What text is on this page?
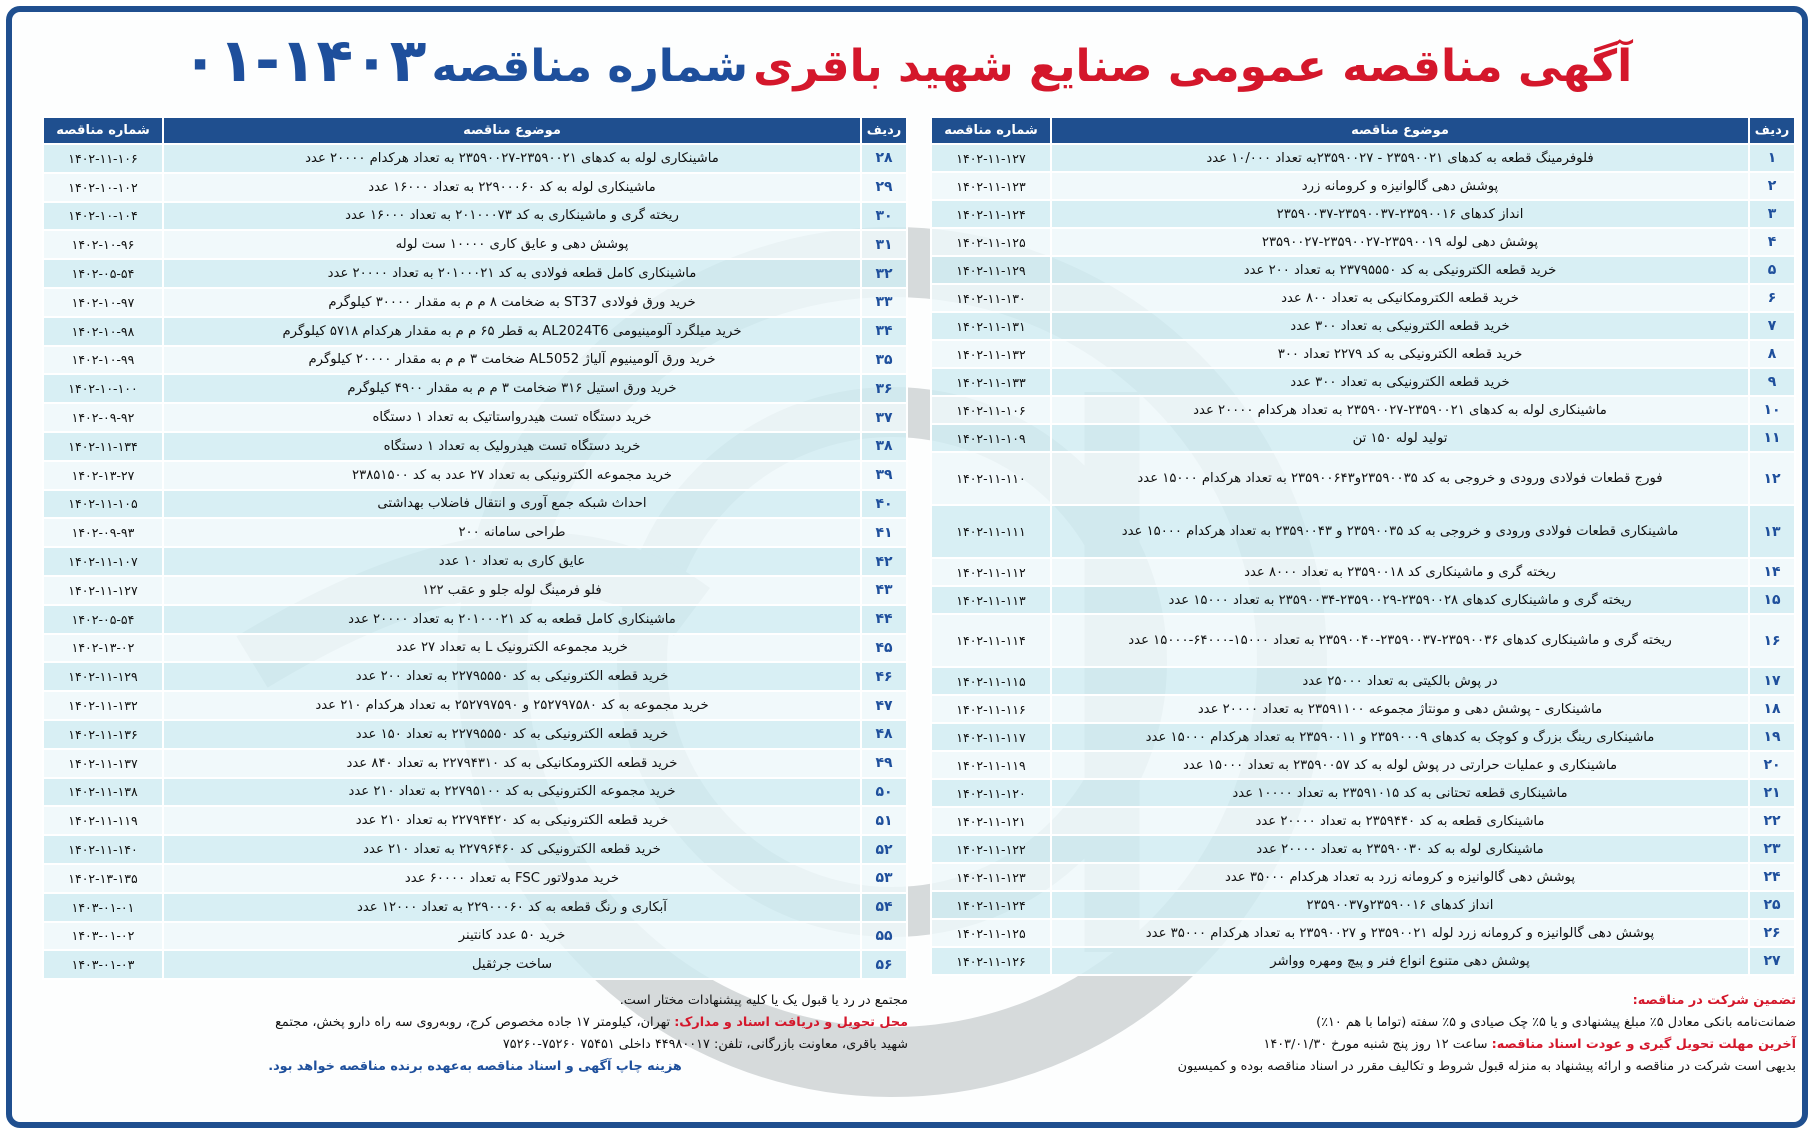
آگهی مناقصه عمومی صنایع شهید باقری شماره مناقصه ۱۴۰۳-۰۱
ردیف	موضوع مناقصه	شماره مناقصه
۱	فلوفرمینگ قطعه به کدهای ۲۳۵۹۰۰۲۱ - ۲۳۵۹۰۰۲۷به تعداد ۱۰/۰۰۰ عدد	۱۴۰۲-۱۱-۱۲۷
۲	پوشش دهی گالوانیزه و کرومانه زرد	۱۴۰۲-۱۱-۱۲۳
۳	انداز کدهای ۲۳۵۹۰۰۱۶-۲۳۵۹۰۰۳۷-۲۳۵۹۰۰۳۷	۱۴۰۲-۱۱-۱۲۴
۴	پوشش دهی لوله ۲۳۵۹۰۰۱۹-۲۳۵۹۰۰۲۷-۲۳۵۹۰۰۲۷	۱۴۰۲-۱۱-۱۲۵
۵	خرید قطعه الکترونیکی به کد ۲۳۷۹۵۵۵۰ به تعداد ۲۰۰ عدد	۱۴۰۲-۱۱-۱۲۹
۶	خرید قطعه الکترومکانیکی به تعداد ۸۰۰ عدد	۱۴۰۲-۱۱-۱۳۰
۷	خرید قطعه الکترونیکی به تعداد ۳۰۰ عدد	۱۴۰۲-۱۱-۱۳۱
۸	خرید قطعه الکترونیکی به کد ۲۲۷۹ تعداد ۳۰۰	۱۴۰۲-۱۱-۱۳۲
۹	خرید قطعه الکترونیکی به تعداد ۳۰۰ عدد	۱۴۰۲-۱۱-۱۳۳
۱۰	ماشینکاری لوله به کدهای ۲۳۵۹۰۰۲۱-۲۳۵۹۰۰۲۷ به تعداد هرکدام ۲۰۰۰۰ عدد	۱۴۰۲-۱۱-۱۰۶
۱۱	تولید لوله ۱۵۰ تن	۱۴۰۲-۱۱-۱۰۹
۱۲	فورج قطعات فولادی ورودی و خروجی به کد ۲۳۵۹۰۰۳۵و۲۳۵۹۰۰۶۴۳ به تعداد هرکدام ۱۵۰۰۰ عدد	۱۴۰۲-۱۱-۱۱۰
۱۳	ماشینکاری قطعات فولادی ورودی و خروجی به کد ۲۳۵۹۰۰۳۵ و ۲۳۵۹۰۰۴۳ به تعداد هرکدام ۱۵۰۰۰ عدد	۱۴۰۲-۱۱-۱۱۱
۱۴	ریخته گری و ماشینکاری کد ۲۳۵۹۰۰۱۸ به تعداد ۸۰۰۰ عدد	۱۴۰۲-۱۱-۱۱۲
۱۵	ریخته گری و ماشینکاری کدهای ۲۳۵۹۰۰۲۸-۲۳۵۹۰۰۲۹-۲۳۵۹۰۰۳۴ به تعداد ۱۵۰۰۰ عدد	۱۴۰۲-۱۱-۱۱۳
۱۶	ریخته گری و ماشینکاری کدهای ۲۳۵۹۰۰۳۶-۲۳۵۹۰۰۳۷-۲۳۵۹۰۰۴۰ به تعداد ۱۵۰۰۰-۶۴۰۰۰-۱۵۰۰۰ عدد	۱۴۰۲-۱۱-۱۱۴
۱۷	در پوش بالکیتی به تعداد ۲۵۰۰۰ عدد	۱۴۰۲-۱۱-۱۱۵
۱۸	ماشینکاری - پوشش دهی و مونتاژ مجموعه ۲۳۵۹۱۱۰۰ به تعداد ۲۰۰۰۰ عدد	۱۴۰۲-۱۱-۱۱۶
۱۹	ماشینکاری رینگ بزرگ و کوچک به کدهای ۲۳۵۹۰۰۰۹ و ۲۳۵۹۰۰۱۱ به تعداد هرکدام ۱۵۰۰۰ عدد	۱۴۰۲-۱۱-۱۱۷
۲۰	ماشینکاری و عملیات حرارتی در پوش لوله به کد ۲۳۵۹۰۰۵۷ به تعداد ۱۵۰۰۰ عدد	۱۴۰۲-۱۱-۱۱۹
۲۱	ماشینکاری قطعه تحتانی به کد ۲۳۵۹۱۰۱۵ به تعداد ۱۰۰۰۰ عدد	۱۴۰۲-۱۱-۱۲۰
۲۲	ماشینکاری قطعه به کد ۲۳۵۹۴۴۰ به تعداد ۲۰۰۰۰ عدد	۱۴۰۲-۱۱-۱۲۱
۲۳	ماشینکاری لوله به کد ۲۳۵۹۰۰۳۰ به تعداد ۲۰۰۰۰ عدد	۱۴۰۲-۱۱-۱۲۲
۲۴	پوشش دهی گالوانیزه و کرومانه زرد به تعداد هرکدام ۳۵۰۰۰ عدد	۱۴۰۲-۱۱-۱۲۳
۲۵	انداز کدهای ۲۳۵۹۰۰۱۶و۲۳۵۹۰۰۳۷	۱۴۰۲-۱۱-۱۲۴
۲۶	پوشش دهی گالوانیزه و کرومانه زرد لوله ۲۳۵۹۰۰۲۱ و ۲۳۵۹۰۰۲۷ به تعداد هرکدام ۳۵۰۰۰ عدد	۱۴۰۲-۱۱-۱۲۵
۲۷	پوشش دهی متنوع انواع فنر و پیچ ومهره وواشر	۱۴۰۲-۱۱-۱۲۶
ردیف	موضوع مناقصه	شماره مناقصه
۲۸	ماشینکاری لوله به کدهای ۲۳۵۹۰۰۲۱-۲۳۵۹۰۰۲۷ به تعداد هرکدام ۲۰۰۰۰ عدد	۱۴۰۲-۱۱-۱۰۶
۲۹	ماشینکاری لوله به کد ۲۲۹۰۰۰۶۰ به تعداد ۱۶۰۰۰ عدد	۱۴۰۲-۱۰-۱۰۲
۳۰	ریخته گری و ماشینکاری به کد ۲۰۱۰۰۰۷۳ به تعداد ۱۶۰۰۰ عدد	۱۴۰۲-۱۰-۱۰۴
۳۱	پوشش دهی و عایق کاری ۱۰۰۰۰ ست لوله	۱۴۰۲-۱۰-۹۶
۳۲	ماشینکاری کامل قطعه فولادی به کد ۲۰۱۰۰۰۲۱ به تعداد ۲۰۰۰۰ عدد	۱۴۰۲-۰۵-۵۴
۳۳	خرید ورق فولادی ST37 به ضخامت ۸ م م به مقدار ۳۰۰۰۰ کیلوگرم	۱۴۰۲-۱۰-۹۷
۳۴	خرید میلگرد آلومینیومی AL2024T6 به قطر ۶۵ م م به مقدار هرکدام ۵۷۱۸ کیلوگرم	۱۴۰۲-۱۰-۹۸
۳۵	خرید ورق آلومینیوم آلیاژ AL5052 ضخامت ۳ م م به مقدار ۲۰۰۰۰ کیلوگرم	۱۴۰۲-۱۰-۹۹
۳۶	خرید ورق استیل ۳۱۶ ضخامت ۳ م م به مقدار ۴۹۰۰ کیلوگرم	۱۴۰۲-۱۰-۱۰۰
۳۷	خرید دستگاه تست هیدرواستاتیک به تعداد ۱ دستگاه	۱۴۰۲-۰۹-۹۲
۳۸	خرید دستگاه تست هیدرولیک به تعداد ۱ دستگاه	۱۴۰۲-۱۱-۱۳۴
۳۹	خرید مجموعه الکترونیکی به تعداد ۲۷ عدد به کد ۲۳۸۵۱۵۰۰	۱۴۰۲-۱۳-۲۷
۴۰	احداث شبکه جمع آوری و انتقال فاضلاب بهداشتی	۱۴۰۲-۱۱-۱۰۵
۴۱	طراحی سامانه ۲۰۰	۱۴۰۲-۰۹-۹۳
۴۲	عایق کاری به تعداد ۱۰ عدد	۱۴۰۲-۱۱-۱۰۷
۴۳	فلو فرمینگ لوله جلو و عقب ۱۲۲	۱۴۰۲-۱۱-۱۲۷
۴۴	ماشینکاری کامل قطعه به کد ۲۰۱۰۰۰۲۱ به تعداد ۲۰۰۰۰ عدد	۱۴۰۲-۰۵-۵۴
۴۵	خرید مجموعه الکترونیک L به تعداد ۲۷ عدد	۱۴۰۲-۱۳-۰۲
۴۶	خرید قطعه الکترونیکی به کد ۲۲۷۹۵۵۵۰ به تعداد ۲۰۰ عدد	۱۴۰۲-۱۱-۱۲۹
۴۷	خرید مجموعه به کد ۲۵۲۷۹۷۵۸۰ و ۲۵۲۷۹۷۵۹۰ به تعداد هرکدام ۲۱۰ عدد	۱۴۰۲-۱۱-۱۳۲
۴۸	خرید قطعه الکترونیکی به کد ۲۲۷۹۵۵۵۰ به تعداد ۱۵۰ عدد	۱۴۰۲-۱۱-۱۳۶
۴۹	خرید قطعه الکترومکانیکی به کد ۲۲۷۹۴۳۱۰ به تعداد ۸۴۰ عدد	۱۴۰۲-۱۱-۱۳۷
۵۰	خرید مجموعه الکترونیکی به کد ۲۲۷۹۵۱۰۰ به تعداد ۲۱۰ عدد	۱۴۰۲-۱۱-۱۳۸
۵۱	خرید قطعه الکترونیکی به کد ۲۲۷۹۴۴۲۰ به تعداد ۲۱۰ عدد	۱۴۰۲-۱۱-۱۱۹
۵۲	خرید قطعه الکترونیکی کد ۲۲۷۹۶۴۶۰ به تعداد ۲۱۰ عدد	۱۴۰۲-۱۱-۱۴۰
۵۳	خرید مدولاتور FSC به تعداد ۶۰۰۰۰ عدد	۱۴۰۲-۱۳-۱۳۵
۵۴	آبکاری و رنگ قطعه به کد ۲۲۹۰۰۰۶۰ به تعداد ۱۲۰۰۰ عدد	۱۴۰۳-۰۱-۰۱
۵۵	خرید ۵۰ عدد کانتینر	۱۴۰۳-۰۱-۰۲
۵۶	ساخت جرثقیل	۱۴۰۳-۰۱-۰۳
تضمین شرکت در مناقصه:
ضمانت‌نامه بانکی معادل ۵٪ مبلغ پیشنهادی و یا ۵٪ چک صیادی و ۵٪ سفته (تواما با هم ۱۰٪)
آخرین مهلت تحویل گیری و عودت اسناد مناقصه: ساعت ۱۲ روز پنج شنبه مورخ ۱۴۰۳/۰۱/۳۰
بدیهی است شرکت در مناقصه و ارائه پیشنهاد به منزله قبول شروط و تکالیف مقرر در اسناد مناقصه بوده و کمیسیون
مجتمع در رد یا قبول یک یا کلیه پیشنهادات مختار است.
محل تحویل و دریافت اسناد و مدارک: تهران، کیلومتر ۱۷ جاده مخصوص کرج، روبه‌روی سه راه دارو پخش، مجتمع
شهید باقری، معاونت بازرگانی، تلفن: ۴۴۹۸۰۰۱۷ داخلی ۷۵۴۵۱ ۷۵۲۶۰-۷۵۲۶۰
هزینه چاپ آگهی و اسناد مناقصه به‌عهده برنده مناقصه خواهد بود.
